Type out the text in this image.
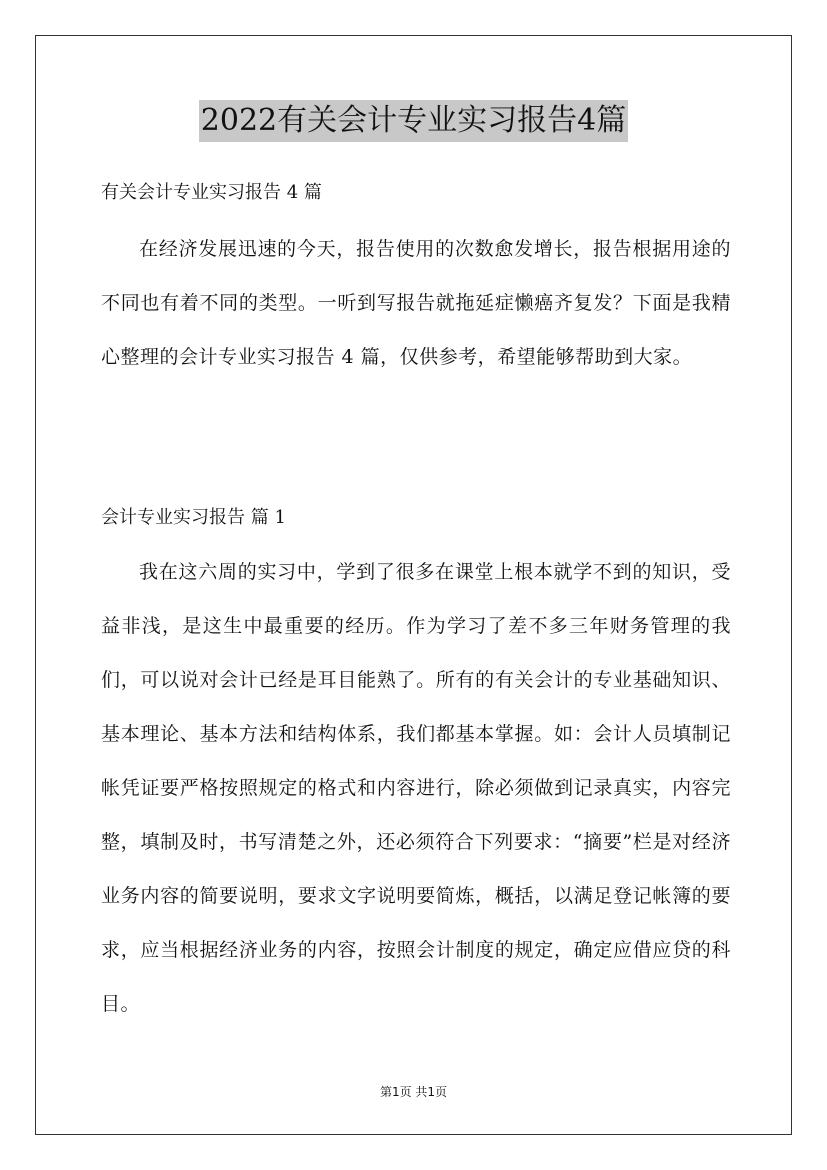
2022有关会计专业实习报告4篇
有关会计专业实习报告 4 篇
在经济发展迅速的今天，报告使用的次数愈发增长，报告根据用途的不同也有着不同的类型。一听到写报告就拖延症懒癌齐复发？下面是我精心整理的会计专业实习报告 4 篇，仅供参考，希望能够帮助到大家。
会计专业实习报告 篇 1
我在这六周的实习中，学到了很多在课堂上根本就学不到的知识，受益非浅，是这生中最重要的经历。作为学习了差不多三年财务管理的我们，可以说对会计已经是耳目能熟了。所有的有关会计的专业基础知识、基本理论、基本方法和结构体系，我们都基本掌握。如：会计人员填制记帐凭证要严格按照规定的格式和内容进行，除必须做到记录真实，内容完整，填制及时，书写清楚之外，还必须符合下列要求：“摘要”栏是对经济业务内容的简要说明，要求文字说明要简炼，概括，以满足登记帐簿的要求，应当根据经济业务的内容，按照会计制度的规定，确定应借应贷的科目。
第1页 共1页
